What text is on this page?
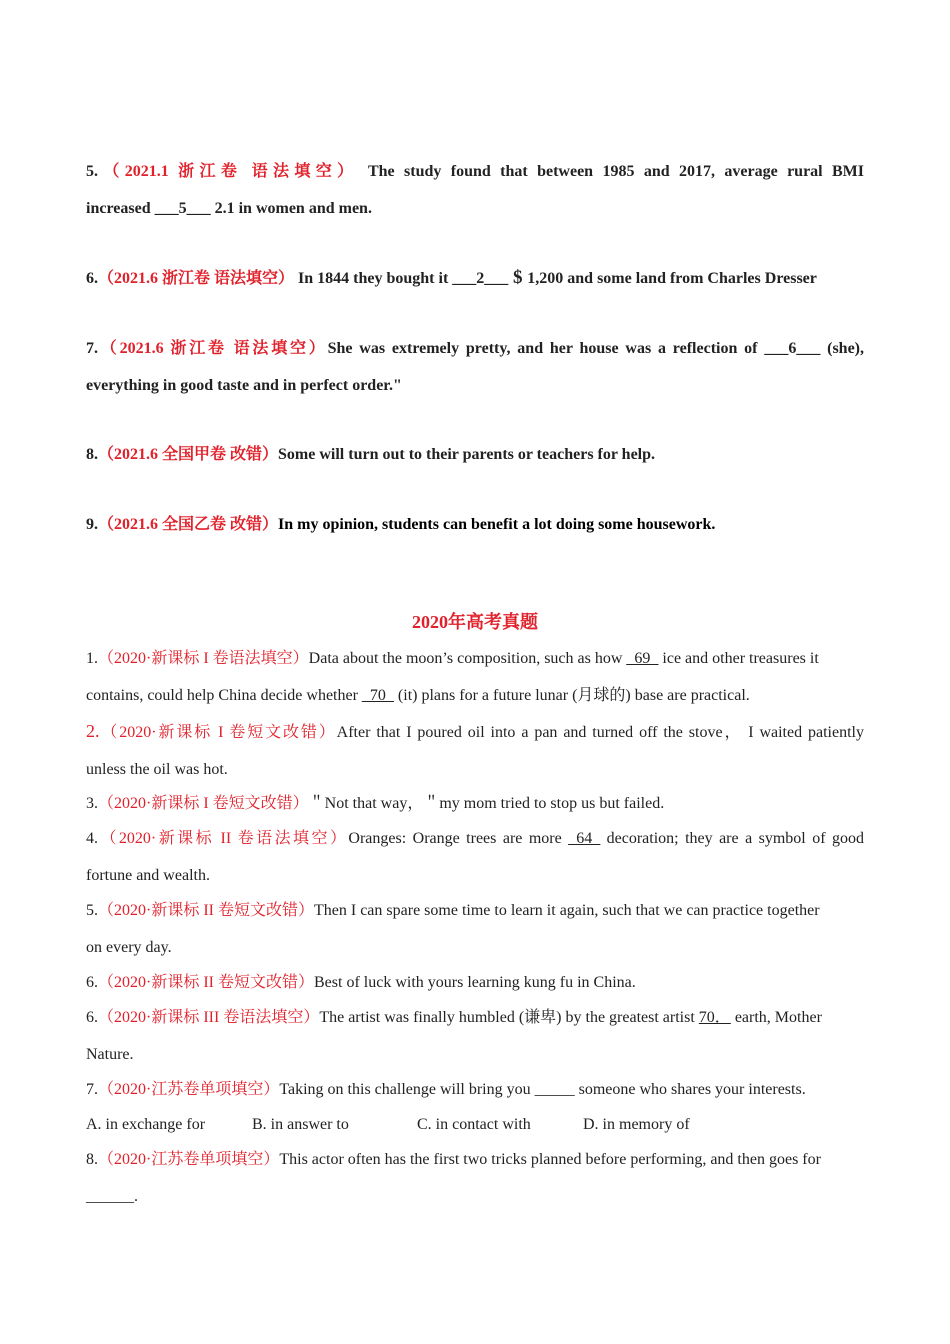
5.（2021.1 浙江卷 语法填空） The study found that between 1985 and 2017, average rural BMI
increased ___5___ 2.1 in women and men.
6.（2021.6 浙江卷 语法填空） In 1844 they bought it ___2___ $ 1,200 and some land from Charles Dresser
7.（2021.6 浙江卷 语法填空）She was extremely pretty, and her house was a reflection of ___6___ (she),
everything in good taste and in perfect order."
8.（2021.6 全国甲卷 改错）Some will turn out to their parents or teachers for help.
9.（2021.6 全国乙卷 改错）In my opinion, students can benefit a lot doing some housework.
2020年高考真题
1.（2020·新课标 I 卷语法填空）Data about the moon’s composition, such as how _69_ ice and other treasures it
contains, could help China decide whether _70_ (it) plans for a future lunar (月球的) base are practical.
2.（2020·新课标 I 卷短文改错）After that I poured oil into a pan and turned off the stove， I waited patiently
unless the oil was hot.
3.（2020·新课标 I 卷短文改错）＂Not that way，＂my mom tried to stop us but failed.
4.（2020·新课标 II 卷语法填空）Oranges: Orange trees are more _64_ decoration; they are a symbol of good
fortune and wealth.
5.（2020·新课标 II 卷短文改错）Then I can spare some time to learn it again, such that we can practice together
on every day.
6.（2020·新课标 II 卷短文改错）Best of luck with yours learning kung fu in China.
6.（2020·新课标 III 卷语法填空）The artist was finally humbled (谦卑) by the greatest artist 70． earth, Mother
Nature.
7.（2020·江苏卷单项填空）Taking on this challenge will bring you _____ someone who shares your interests.
A. in exchange for	B. in answer to	C. in contact with	D. in memory of
8.（2020·江苏卷单项填空）This actor often has the first two tricks planned before performing, and then goes for
______.
